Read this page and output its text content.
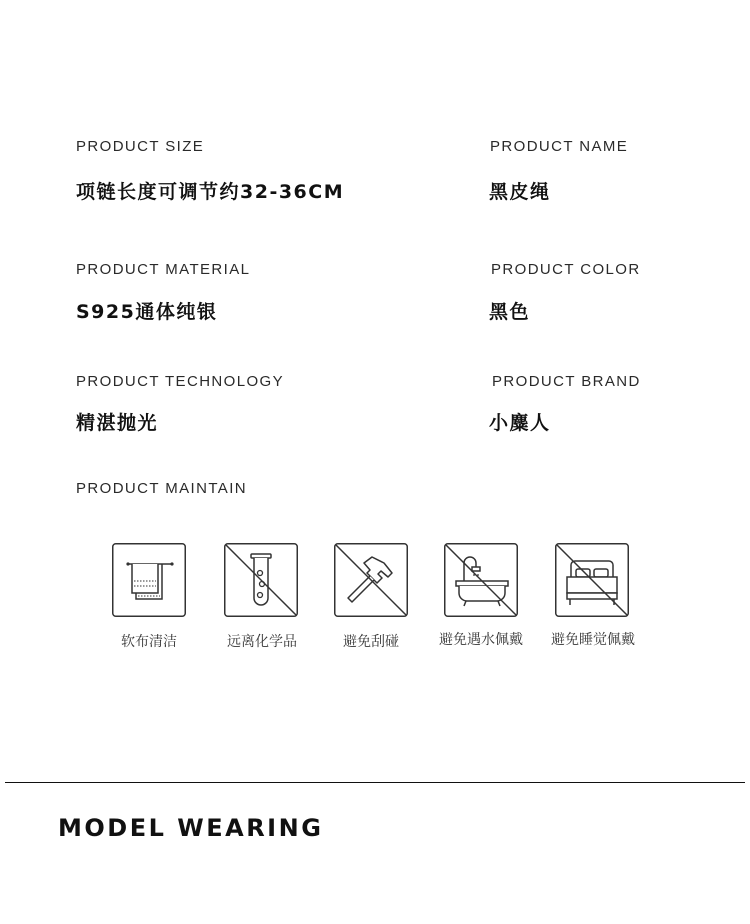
PRODUCT SIZE
项链长度可调节约32-36CM
PRODUCT NAME
黑皮绳
PRODUCT MATERIAL
S925通体纯银
PRODUCT COLOR
黑色
PRODUCT TECHNOLOGY
精湛抛光
PRODUCT BRAND
小麋人
PRODUCT MAINTAIN
软布清洁	远离化学品	避免刮碰	避免遇水佩戴	避免睡觉佩戴
MODEL WEARING
